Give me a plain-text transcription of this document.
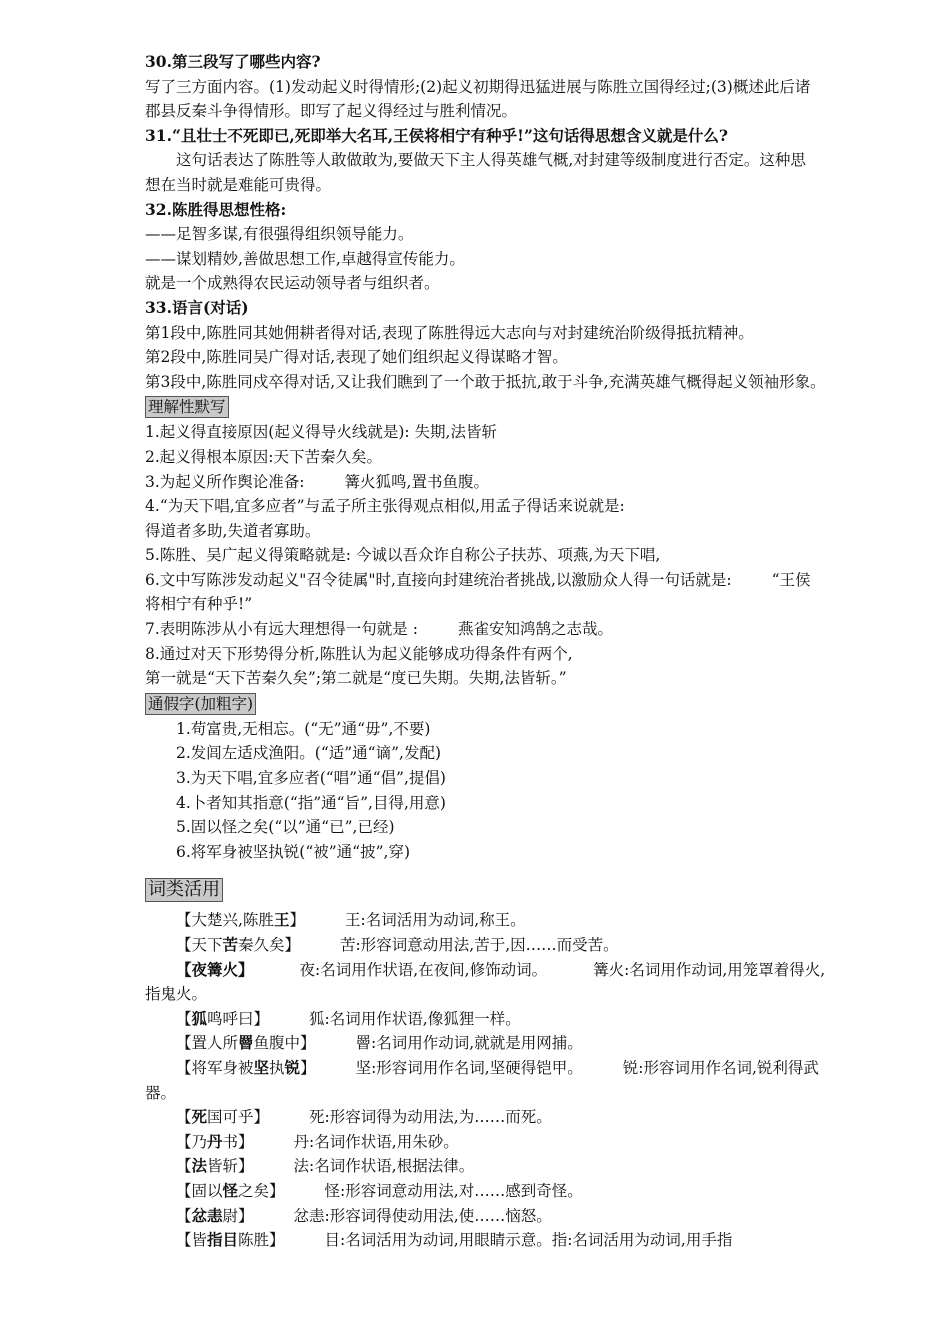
30.第三段写了哪些内容?
写了三方面内容。(1)发动起义时得情形;(2)起义初期得迅猛进展与陈胜立国得经过;(3)概述此后诸
郡县反秦斗争得情形。即写了起义得经过与胜利情况。
31.“且壮士不死即已,死即举大名耳,王侯将相宁有种乎!”这句话得思想含义就是什么?
这句话表达了陈胜等人敢做敢为,要做天下主人得英雄气概,对封建等级制度进行否定。这种思
想在当时就是难能可贵得。
32.陈胜得思想性格:
——足智多谋,有很强得组织领导能力。
——谋划精妙,善做思想工作,卓越得宣传能力。
就是一个成熟得农民运动领导者与组织者。
33.语言(对话)
第1段中,陈胜同其她佣耕者得对话,表现了陈胜得远大志向与对封建统治阶级得抵抗精神。
第2段中,陈胜同吴广得对话,表现了她们组织起义得谋略才智。
第3段中,陈胜同戍卒得对话,又让我们瞧到了一个敢于抵抗,敢于斗争,充满英雄气概得起义领袖形象。
理解性默写
1.起义得直接原因(起义得导火线就是): 失期,法皆斩
2.起义得根本原因:天下苦秦久矣。
3.为起义所作舆论准备:	篝火狐鸣,置书鱼腹。
4.“为天下唱,宜多应者”与孟子所主张得观点相似,用孟子得话来说就是:
得道者多助,失道者寡助。
5.陈胜、吴广起义得策略就是: 今诚以吾众诈自称公子扶苏、项燕,为天下唱,
6.文中写陈涉发动起义"召令徒属"时,直接向封建统治者挑战,以激励众人得一句话就是:	“王侯
将相宁有种乎!”
7.表明陈涉从小有远大理想得一句就是 :	燕雀安知鸿鹄之志哉。
8.通过对天下形势得分析,陈胜认为起义能够成功得条件有两个,
第一就是“天下苦秦久矣”;第二就是“度已失期。失期,法皆斩。”
通假字(加粗字)
1.苟富贵,无相忘。(“无”通“毋”,不要)
2.发闾左适戍渔阳。(“适”通“谪”,发配)
3.为天下唱,宜多应者(“唱”通“倡”,提倡)
4.卜者知其指意(“指”通“旨”,目得,用意)
5.固以怪之矣(“以”通“已”,已经)
6.将军身被坚执锐(“被”通“披”,穿)
词类活用
【大楚兴,陈胜王】	王:名词活用为动词,称王。
【天下苦秦久矣】	苦:形容词意动用法,苦于,因……而受苦。
【夜篝火】	夜:名词用作状语,在夜间,修饰动词。	篝火:名词用作动词,用笼罩着得火,
指鬼火。
【狐鸣呼曰】	狐:名词用作状语,像狐狸一样。
【置人所罾鱼腹中】	罾:名词用作动词,就就是用网捕。
【将军身被坚执锐】	坚:形容词用作名词,坚硬得铠甲。	锐:形容词用作名词,锐利得武
器。
【死国可乎】	死:形容词得为动用法,为……而死。
【乃丹书】	丹:名词作状语,用朱砂。
【法皆斩】	法:名词作状语,根据法律。
【固以怪之矣】	怪:形容词意动用法,对……感到奇怪。
【忿恚尉】	忿恚:形容词得使动用法,使……恼怒。
【皆指目陈胜】	目:名词活用为动词,用眼睛示意。指:名词活用为动词,用手指
